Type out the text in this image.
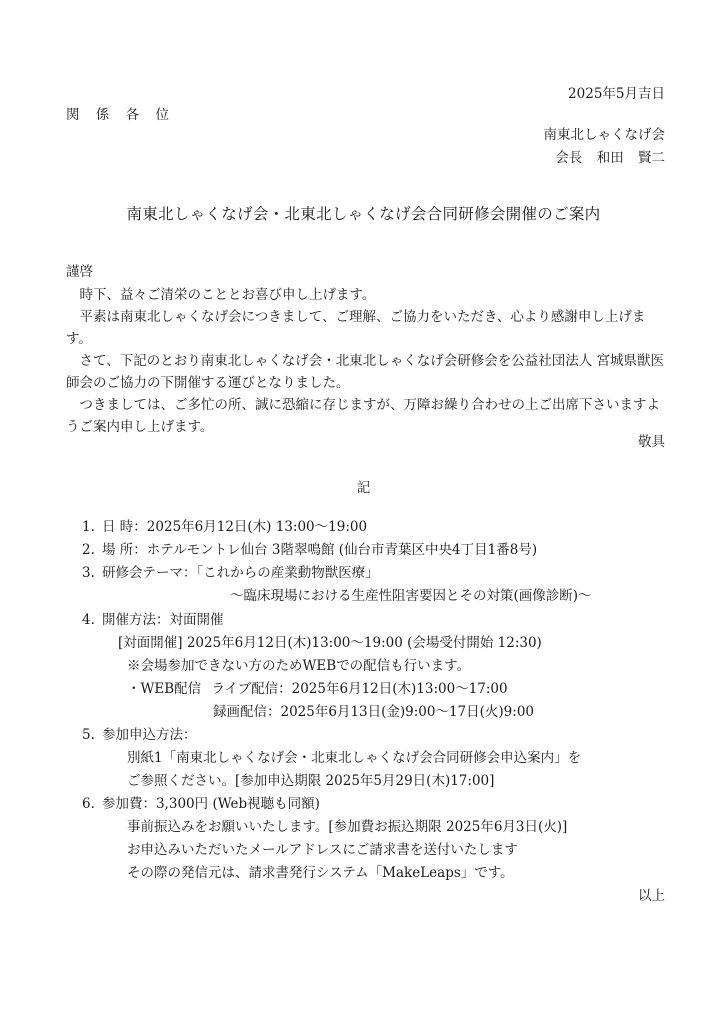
2025年5月吉日
関 係 各 位
南東北しゃくなげ会
会長 和田 賢二
南東北しゃくなげ会・北東北しゃくなげ会合同研修会開催のご案内
謹啓

時下、益々ご清栄のこととお喜び申し上げます。

平素は南東北しゃくなげ会につきまして、ご理解、ご協力をいただき、心より感謝申し上げます。

さて、下記のとおり南東北しゃくなげ会・北東北しゃくなげ会研修会を公益社団法人 宮城県獣医師会のご協力の下開催する運びとなりました。

つきましては、ご多忙の所、誠に恐縮に存じますが、万障お繰り合わせの上ご出席下さいますようご案内申し上げます。

敬具
記
1. 日 時：2025年6月12日(木) 13:00～19:00
2. 場 所：ホテルモントレ仙台 3階翠鳴館 (仙台市青葉区中央4丁目1番8号)
3. 研修会テーマ：「これからの産業動物獣医療」
～臨床現場における生産性阻害要因とその対策(画像診断)～
4. 開催方法：対面開催
[対面開催] 2025年6月12日(木)13:00～19:00 (会場受付開始 12:30)
※会場参加できない方のためWEBでの配信も行います。
・WEB配信 ライブ配信：2025年6月12日(木)13:00～17:00
録画配信：2025年6月13日(金)9:00～17日(火)9:00
5. 参加申込方法：
別紙1「南東北しゃくなげ会・北東北しゃくなげ会合同研修会申込案内」を
ご参照ください。[参加申込期限 2025年5月29日(木)17:00]
6. 参加費：3,300円 (Web視聴も同額)
事前振込みをお願いいたします。[参加費お振込期限 2025年6月3日(火)]
お申込みいただいたメールアドレスにご請求書を送付いたします
その際の発信元は、請求書発行システム「MakeLeaps」です。
以上
